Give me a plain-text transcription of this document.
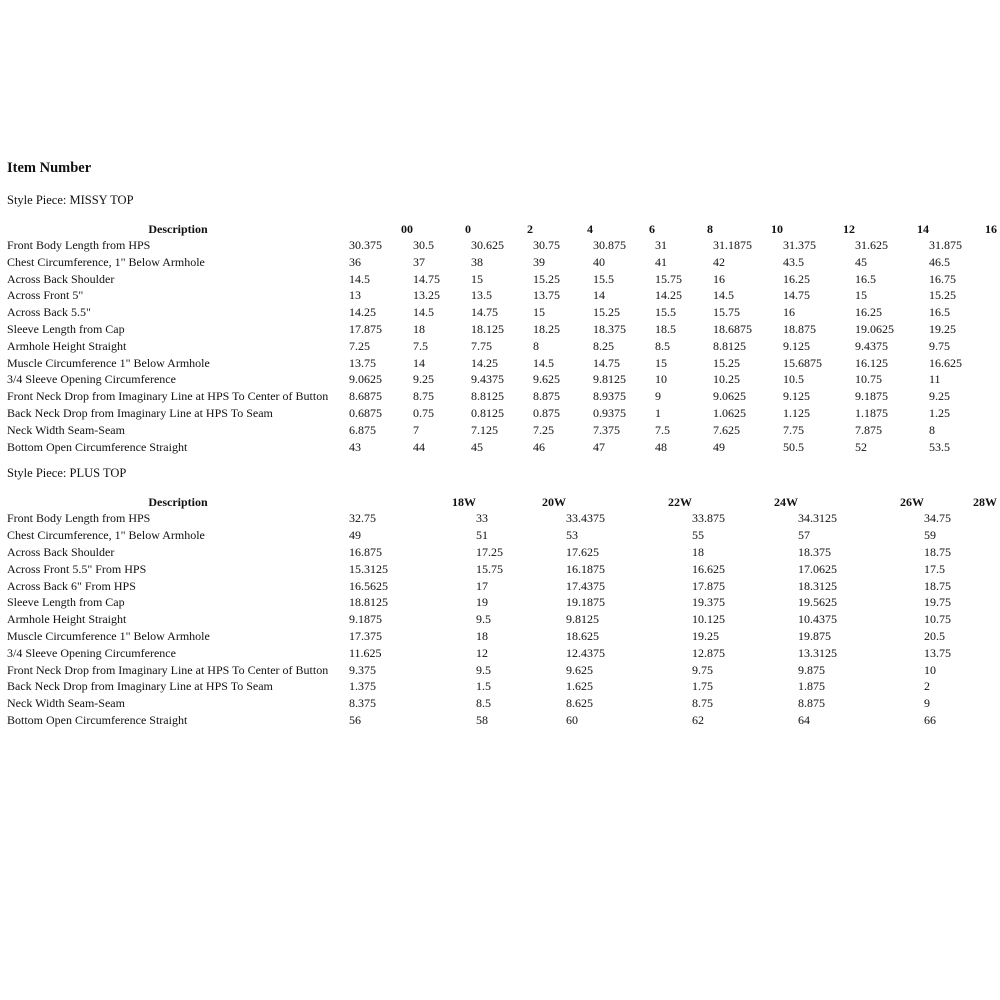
Item Number
Style Piece: MISSY TOP
Description	00	0	2	4	6	8	10	12	14	16
Front Body Length from HPS	30.375	30.5	30.625	30.75	30.875	31	31.1875	31.375	31.625	31.875
Chest Circumference, 1" Below Armhole	36	37	38	39	40	41	42	43.5	45	46.5
Across Back Shoulder	14.5	14.75	15	15.25	15.5	15.75	16	16.25	16.5	16.75
Across Front 5"	13	13.25	13.5	13.75	14	14.25	14.5	14.75	15	15.25
Across Back 5.5"	14.25	14.5	14.75	15	15.25	15.5	15.75	16	16.25	16.5
Sleeve Length from Cap	17.875	18	18.125	18.25	18.375	18.5	18.6875	18.875	19.0625	19.25
Armhole Height Straight	7.25	7.5	7.75	8	8.25	8.5	8.8125	9.125	9.4375	9.75
Muscle Circumference 1" Below Armhole	13.75	14	14.25	14.5	14.75	15	15.25	15.6875	16.125	16.625
3/4 Sleeve Opening Circumference	9.0625	9.25	9.4375	9.625	9.8125	10	10.25	10.5	10.75	11
Front Neck Drop from Imaginary Line at HPS To Center of Button	8.6875	8.75	8.8125	8.875	8.9375	9	9.0625	9.125	9.1875	9.25
Back Neck Drop from Imaginary Line at HPS To Seam	0.6875	0.75	0.8125	0.875	0.9375	1	1.0625	1.125	1.1875	1.25
Neck Width Seam-Seam	6.875	7	7.125	7.25	7.375	7.5	7.625	7.75	7.875	8
Bottom Open Circumference Straight	43	44	45	46	47	48	49	50.5	52	53.5
Style Piece: PLUS TOP
Description	18W	20W	22W	24W	26W	28W
Front Body Length from HPS	32.75	33	33.4375	33.875	34.3125	34.75
Chest Circumference, 1" Below Armhole	49	51	53	55	57	59
Across Back Shoulder	16.875	17.25	17.625	18	18.375	18.75
Across Front 5.5" From HPS	15.3125	15.75	16.1875	16.625	17.0625	17.5
Across Back 6" From HPS	16.5625	17	17.4375	17.875	18.3125	18.75
Sleeve Length from Cap	18.8125	19	19.1875	19.375	19.5625	19.75
Armhole Height Straight	9.1875	9.5	9.8125	10.125	10.4375	10.75
Muscle Circumference 1" Below Armhole	17.375	18	18.625	19.25	19.875	20.5
3/4 Sleeve Opening Circumference	11.625	12	12.4375	12.875	13.3125	13.75
Front Neck Drop from Imaginary Line at HPS To Center of Button	9.375	9.5	9.625	9.75	9.875	10
Back Neck Drop from Imaginary Line at HPS To Seam	1.375	1.5	1.625	1.75	1.875	2
Neck Width Seam-Seam	8.375	8.5	8.625	8.75	8.875	9
Bottom Open Circumference Straight	56	58	60	62	64	66
